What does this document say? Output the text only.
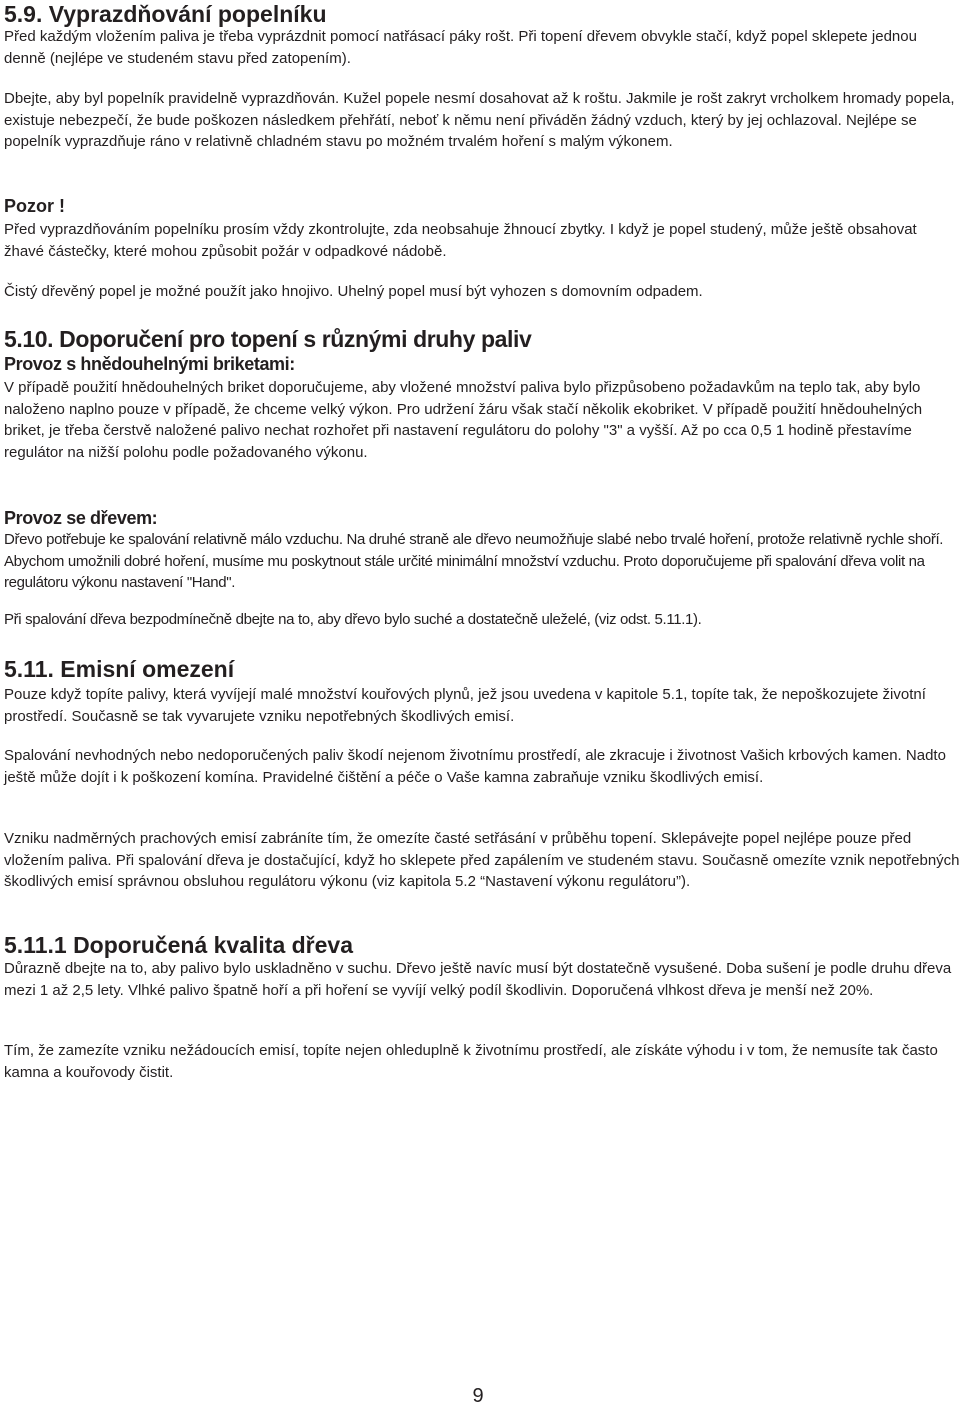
5.9. Vyprazdňování popelníku

Před každým vložením paliva je třeba vyprázdnit pomocí natřásací páky rošt. Při topení dřevem obvykle stačí, když popel sklepete jednou denně (nejlépe ve studeném stavu před zatopením).

Dbejte, aby byl popelník pravidelně vyprazdňován. Kužel popele nesmí dosahovat až k roštu. Jakmile je rošt zakryt vrcholkem hromady popela, existuje nebezpečí, že bude poškozen následkem přehřátí, neboť k němu není přiváděn žádný vzduch, který by jej ochlazoval. Nejlépe se popelník vyprazdňuje ráno v relativně chladném stavu po možném trvalém hoření s malým výkonem.

Pozor !

Před vyprazdňováním popelníku prosím vždy zkontrolujte, zda neobsahuje žhnoucí zbytky. I když je popel studený, může ještě obsahovat žhavé částečky, které mohou způsobit požár v odpadkové nádobě.

Čistý dřevěný popel je možné použít jako hnojivo. Uhelný popel musí být vyhozen s domovním odpadem.

5.10. Doporučení pro topení s různými druhy paliv
Provoz s hnědouhelnými briketami:

V případě použití hnědouhelných briket doporučujeme, aby vložené množství paliva bylo přizpůsobeno požadavkům na teplo tak, aby bylo naloženo naplno pouze v případě, že chceme velký výkon. Pro udržení žáru však stačí několik ekobriket. V případě použití hnědouhelných briket, je třeba čerstvě naložené palivo nechat rozhořet při nastavení regulátoru do polohy "3" a vyšší. Až po cca 0,5 1 hodině přestavíme regulátor na nižší polohu podle požadovaného výkonu.

Provoz se dřevem:

Dřevo potřebuje ke spalování relativně málo vzduchu. Na druhé straně ale dřevo neumožňuje slabé nebo trvalé hoření, protože relativně rychle shoří. Abychom umožnili dobré hoření, musíme mu poskytnout stále určité minimální množství vzduchu. Proto doporučujeme při spalování dřeva volit na regulátoru výkonu nastavení "Hand".

Při spalování dřeva bezpodmínečně dbejte na to, aby dřevo bylo suché a dostatečně uleželé, (viz odst. 5.11.1).

5.11. Emisní omezení

Pouze když topíte palivy, která vyvíjejí malé množství kouřových plynů, jež jsou uvedena v kapitole 5.1, topíte tak, že nepoškozujete životní prostředí. Současně se tak vyvarujete vzniku nepotřebných škodlivých emisí.

Spalování nevhodných nebo nedoporučených paliv škodí nejenom životnímu prostředí, ale zkracuje i životnost Vašich krbových kamen. Nadto ještě může dojít i k poškození komína. Pravidelné čištění a péče o Vaše kamna zabraňuje vzniku škodlivých emisí.

Vzniku nadměrných prachových emisí zabráníte tím, že omezíte časté setřásání v průběhu topení. Sklepávejte popel nejlépe pouze před vložením paliva. Při spalování dřeva je dostačující, když ho sklepete před zapálením ve studeném stavu. Současně omezíte vznik nepotřebných škodlivých emisí správnou obsluhou regulátoru výkonu (viz kapitola 5.2 “Nastavení výkonu regulátoru”).

5.11.1 Doporučená kvalita dřeva

Důrazně dbejte na to, aby palivo bylo uskladněno v suchu. Dřevo ještě navíc musí být dostatečně vysušené. Doba sušení je podle druhu dřeva mezi 1 až 2,5 lety. Vlhké palivo špatně hoří a při hoření se vyvíjí velký podíl škodlivin. Doporučená vlhkost dřeva je menší než 20%.

Tím, že zamezíte vzniku nežádoucích emisí, topíte nejen ohleduplně k životnímu prostředí, ale získáte výhodu i v tom, že nemusíte tak často kamna a kouřovody čistit.

9
